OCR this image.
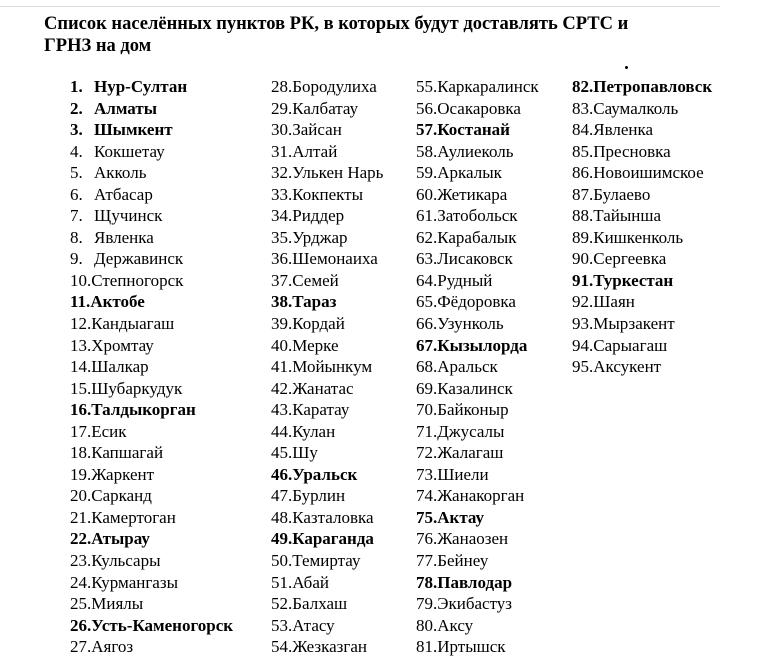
Список населённых пунктов РК, в которых будут доставлять СРТС и
ГРНЗ на дом
1. Нур-Султан
2. Алматы
3. Шымкент
4. Кокшетау
5. Акколь
6. Атбасар
7. Щучинск
8. Явленка
9. Державинск
10.Степногорск
11.Актобе
12.Кандыагаш
13.Хромтау
14.Шалкар
15.Шубаркудук
16.Талдыкорган
17.Есик
18.Капшагай
19.Жаркент
20.Сарканд
21.Камертоган
22.Атырау
23.Кульсары
24.Курмангазы
25.Миялы
26.Усть-Каменогорск
27.Аягоз
28.Бородулиха
29.Калбатау
30.Зайсан
31.Алтай
32.Улькен Нарь
33.Кокпекты
34.Риддер
35.Урджар
36.Шемонаиха
37.Семей
38.Тараз
39.Кордай
40.Мерке
41.Мойынкум
42.Жанатас
43.Каратау
44.Кулан
45.Шу
46.Уральск
47.Бурлин
48.Казталовка
49.Караганда
50.Темиртау
51.Абай
52.Балхаш
53.Атасу
54.Жезказган
55.Каркаралинск
56.Осакаровка
57.Костанай
58.Аулиеколь
59.Аркалык
60.Жетикара
61.Затобольск
62.Карабалык
63.Лисаковск
64.Рудный
65.Фёдоровка
66.Узунколь
67.Кызылорда
68.Аральск
69.Казалинск
70.Байконыр
71.Джусалы
72.Жалагаш
73.Шиели
74.Жанакорган
75.Актау
76.Жанаозен
77.Бейнеу
78.Павлодар
79.Экибастуз
80.Аксу
81.Иртышск
82.Петропавловск
83.Саумалколь
84.Явленка
85.Пресновка
86.Новоишимское
87.Булаево
88.Тайынша
89.Кишкенколь
90.Сергеевка
91.Туркестан
92.Шаян
93.Мырзакент
94.Сарыагаш
95.Аксукент
